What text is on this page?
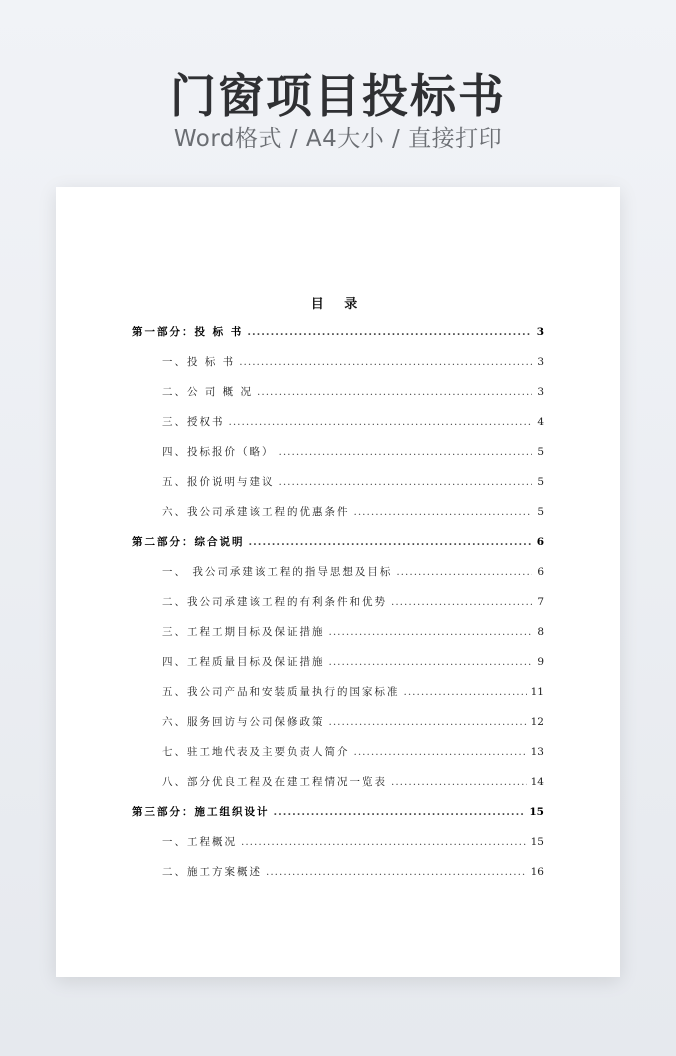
门窗项目投标书
Word格式 / A4大小 / 直接打印
目 录
第一部分：投 标 书 .....	3
一、投 标 书 .....	3
二、公 司 概 况 .....	3
三、授权书 .....	4
四、投标报价（略） .....	5
五、报价说明与建议 .....	5
六、我公司承建该工程的优惠条件 .....	5
第二部分：综合说明 .....	6
一、 我公司承建该工程的指导思想及目标 .....	6
二、我公司承建该工程的有利条件和优势 .....	7
三、工程工期目标及保证措施 .....	8
四、工程质量目标及保证措施 .....	9
五、我公司产品和安装质量执行的国家标准 .....	11
六、服务回访与公司保修政策 .....	12
七、驻工地代表及主要负责人简介 .....	13
八、部分优良工程及在建工程情况一览表 .....	14
第三部分：施工组织设计 .....	15
一、工程概况 .....	15
二、施工方案概述 .....	16
